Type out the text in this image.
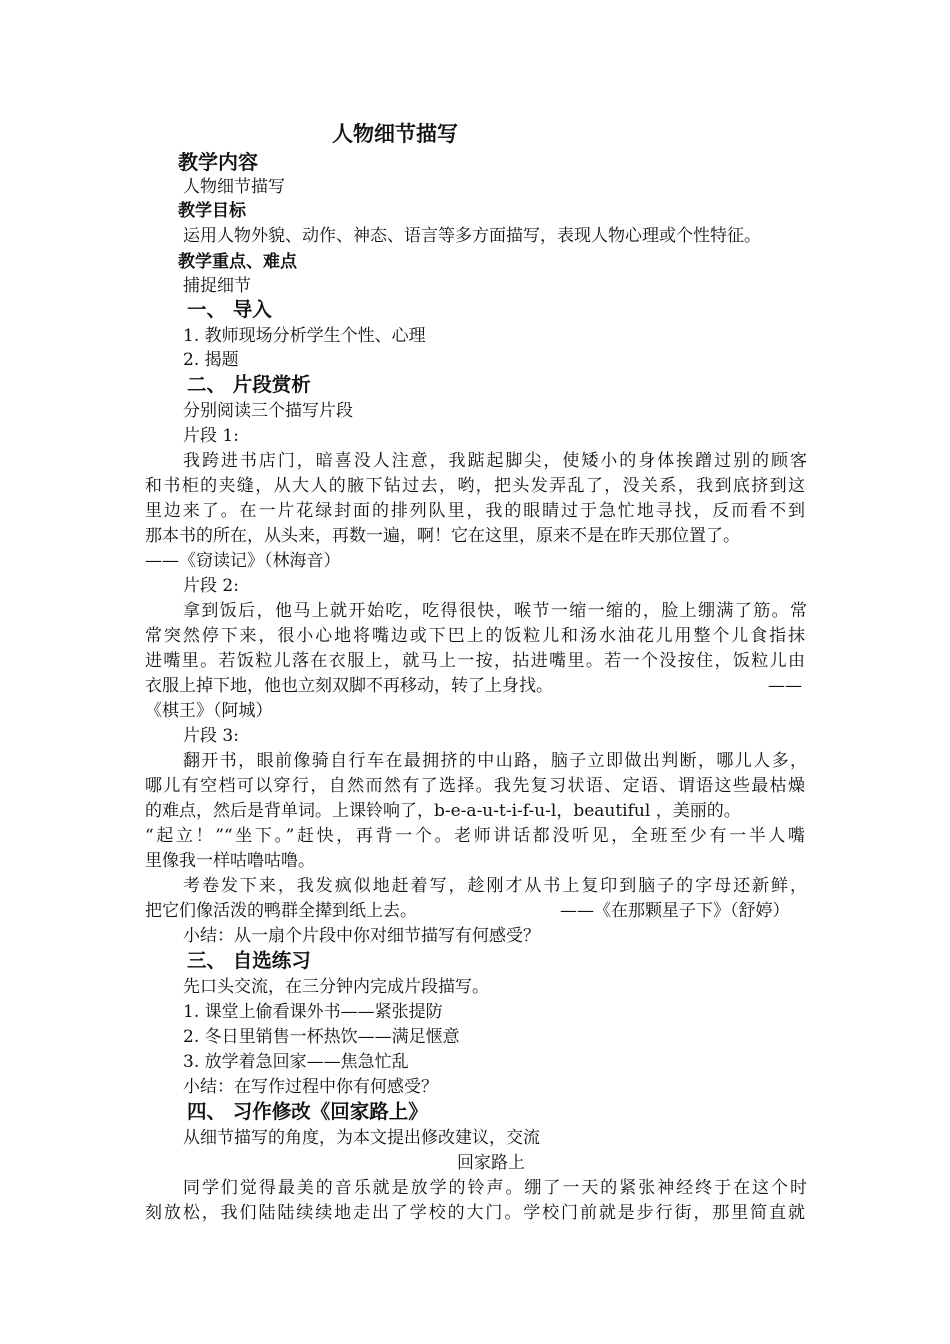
人物细节描写
教学内容
人物细节描写
教学目标
运用人物外貌、动作、神态、语言等多方面描写，表现人物心理或个性特征。
教学重点、难点
捕捉细节
一、 导入
1. 教师现场分析学生个性、心理
2. 揭题
二、 片段赏析
分别阅读三个描写片段
片段 1:
我跨进书店门，暗喜没人注意，我踮起脚尖，使矮小的身体挨蹭过别的顾客
和书柜的夹缝，从大人的腋下钻过去，哟，把头发弄乱了，没关系，我到底挤到这
里边来了。在一片花绿封面的排列队里，我的眼睛过于急忙地寻找，反而看不到
那本书的所在，从头来，再数一遍，啊！它在这里，原来不是在昨天那位置了。
——《窃读记》（林海音）
片段 2:
拿到饭后，他马上就开始吃，吃得很快，喉节一缩一缩的，脸上绷满了筋。常
常突然停下来，很小心地将嘴边或下巴上的饭粒儿和汤水油花儿用整个儿食指抹
进嘴里。若饭粒儿落在衣服上，就马上一按，拈进嘴里。若一个没按住，饭粒儿由
衣服上掉下地，他也立刻双脚不再移动，转了上身找。	——
《棋王》（阿城）
片段 3:
翻开书，眼前像骑自行车在最拥挤的中山路，脑子立即做出判断，哪儿人多，
哪儿有空档可以穿行，自然而然有了选择。我先复习状语、定语、谓语这些最枯燥
的难点，然后是背单词。上课铃响了，b-e-a-u-t-i-f-u-l，beautiful ，美丽的。
“起立！”“坐下。”赶快，再背一个。老师讲话都没听见，全班至少有一半人嘴
里像我一样咕噜咕噜。
考卷发下来，我发疯似地赶着写，趁刚才从书上复印到脑子的字母还新鲜，
把它们像活泼的鸭群全撵到纸上去。	——《在那颗星子下》（舒婷）
小结：从一扇个片段中你对细节描写有何感受？
三、 自选练习
先口头交流，在三分钟内完成片段描写。
1. 课堂上偷看课外书——紧张提防
2. 冬日里销售一杯热饮——满足惬意
3. 放学着急回家——焦急忙乱
小结：在写作过程中你有何感受？
四、 习作修改《回家路上》
从细节描写的角度，为本文提出修改建议，交流
回家路上
同学们觉得最美的音乐就是放学的铃声。绷了一天的紧张神经终于在这个时
刻放松，我们陆陆续续地走出了学校的大门。学校门前就是步行街，那里简直就
